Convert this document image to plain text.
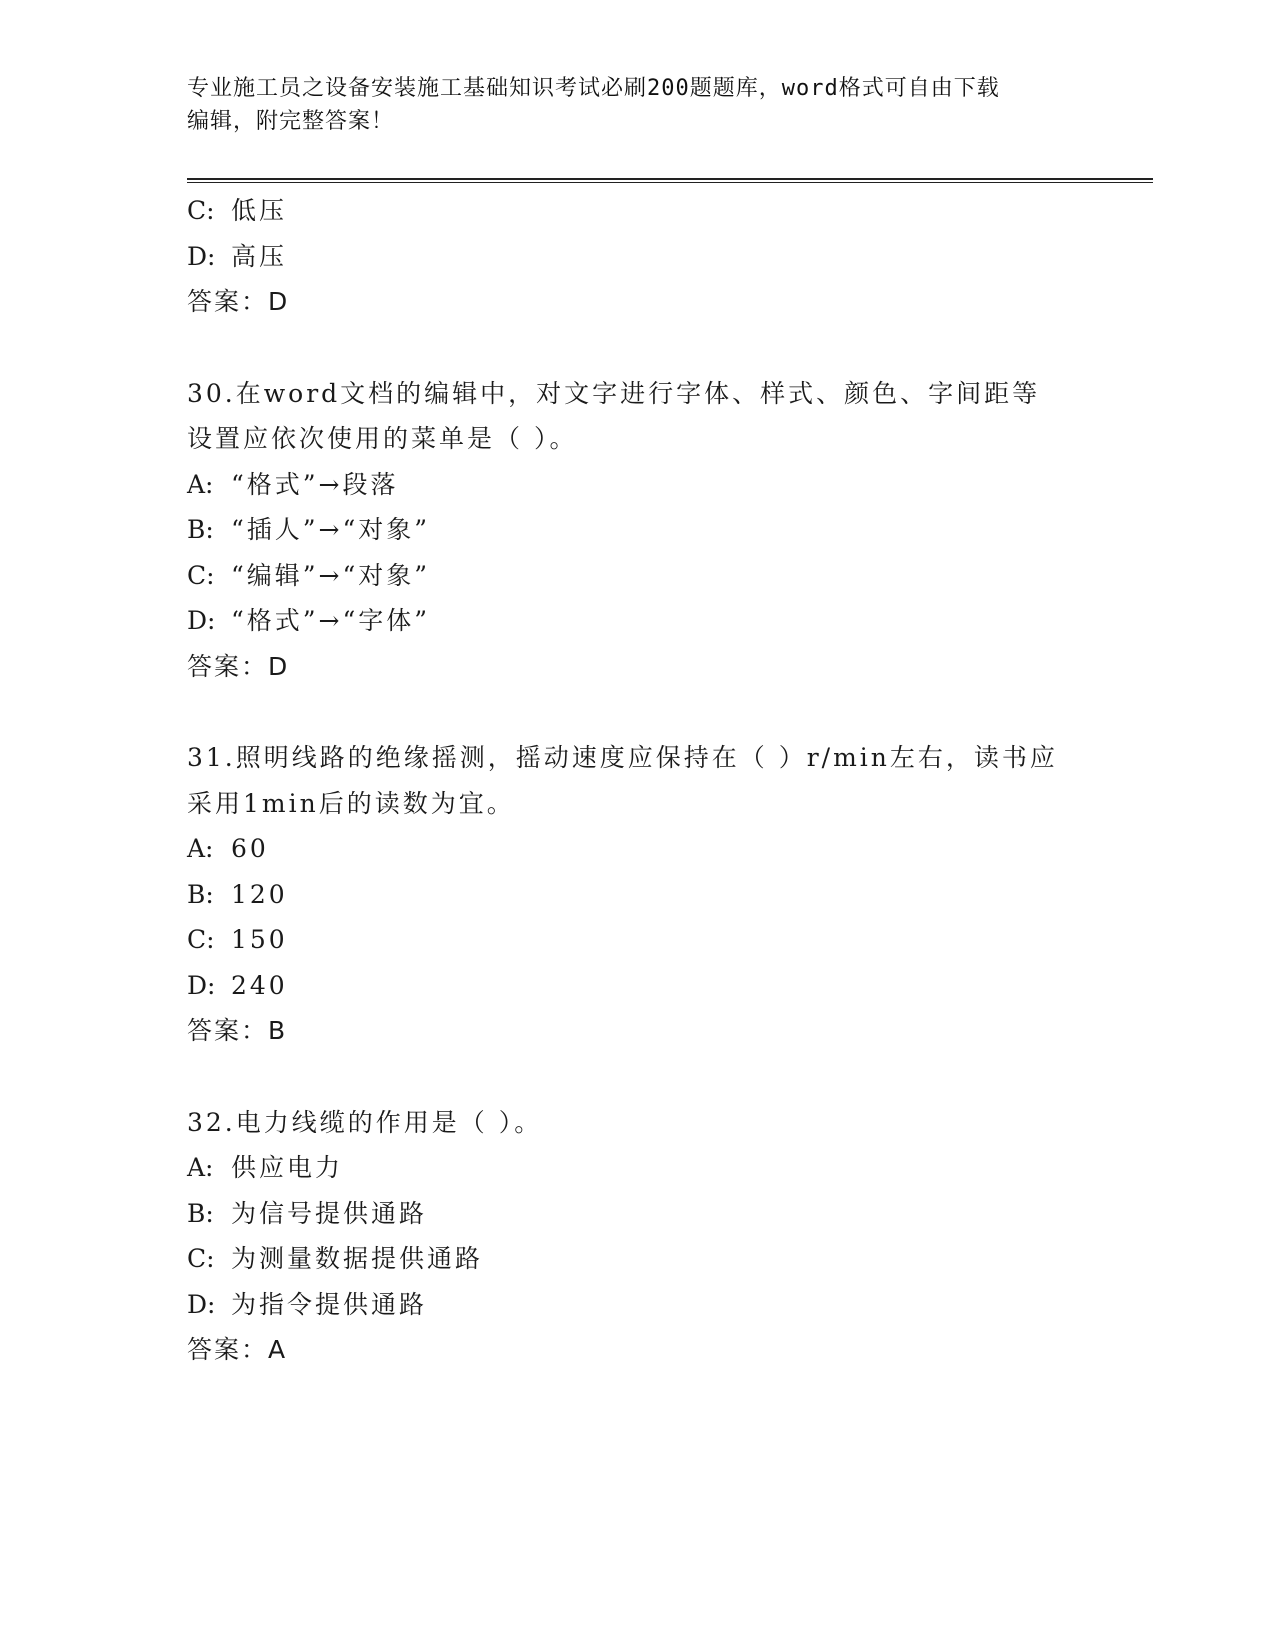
专业施工员之设备安装施工基础知识考试必刷200题题库，word格式可自由下载
编辑，附完整答案！
C: 低压
D: 高压
答案：D
30.在word文档的编辑中，对文字进行字体、样式、颜色、字间距等
设置应依次使用的菜单是（ ）。
A: “格式”→段落
B: “插人”→“对象”
C: “编辑”→“对象”
D: “格式”→“字体”
答案：D
31.照明线路的绝缘摇测，摇动速度应保持在（ ）r/min左右，读书应
采用1min后的读数为宜。
A: 60
B: 120
C: 150
D: 240
答案：B
32.电力线缆的作用是（ ）。
A: 供应电力
B: 为信号提供通路
C: 为测量数据提供通路
D: 为指令提供通路
答案：A
